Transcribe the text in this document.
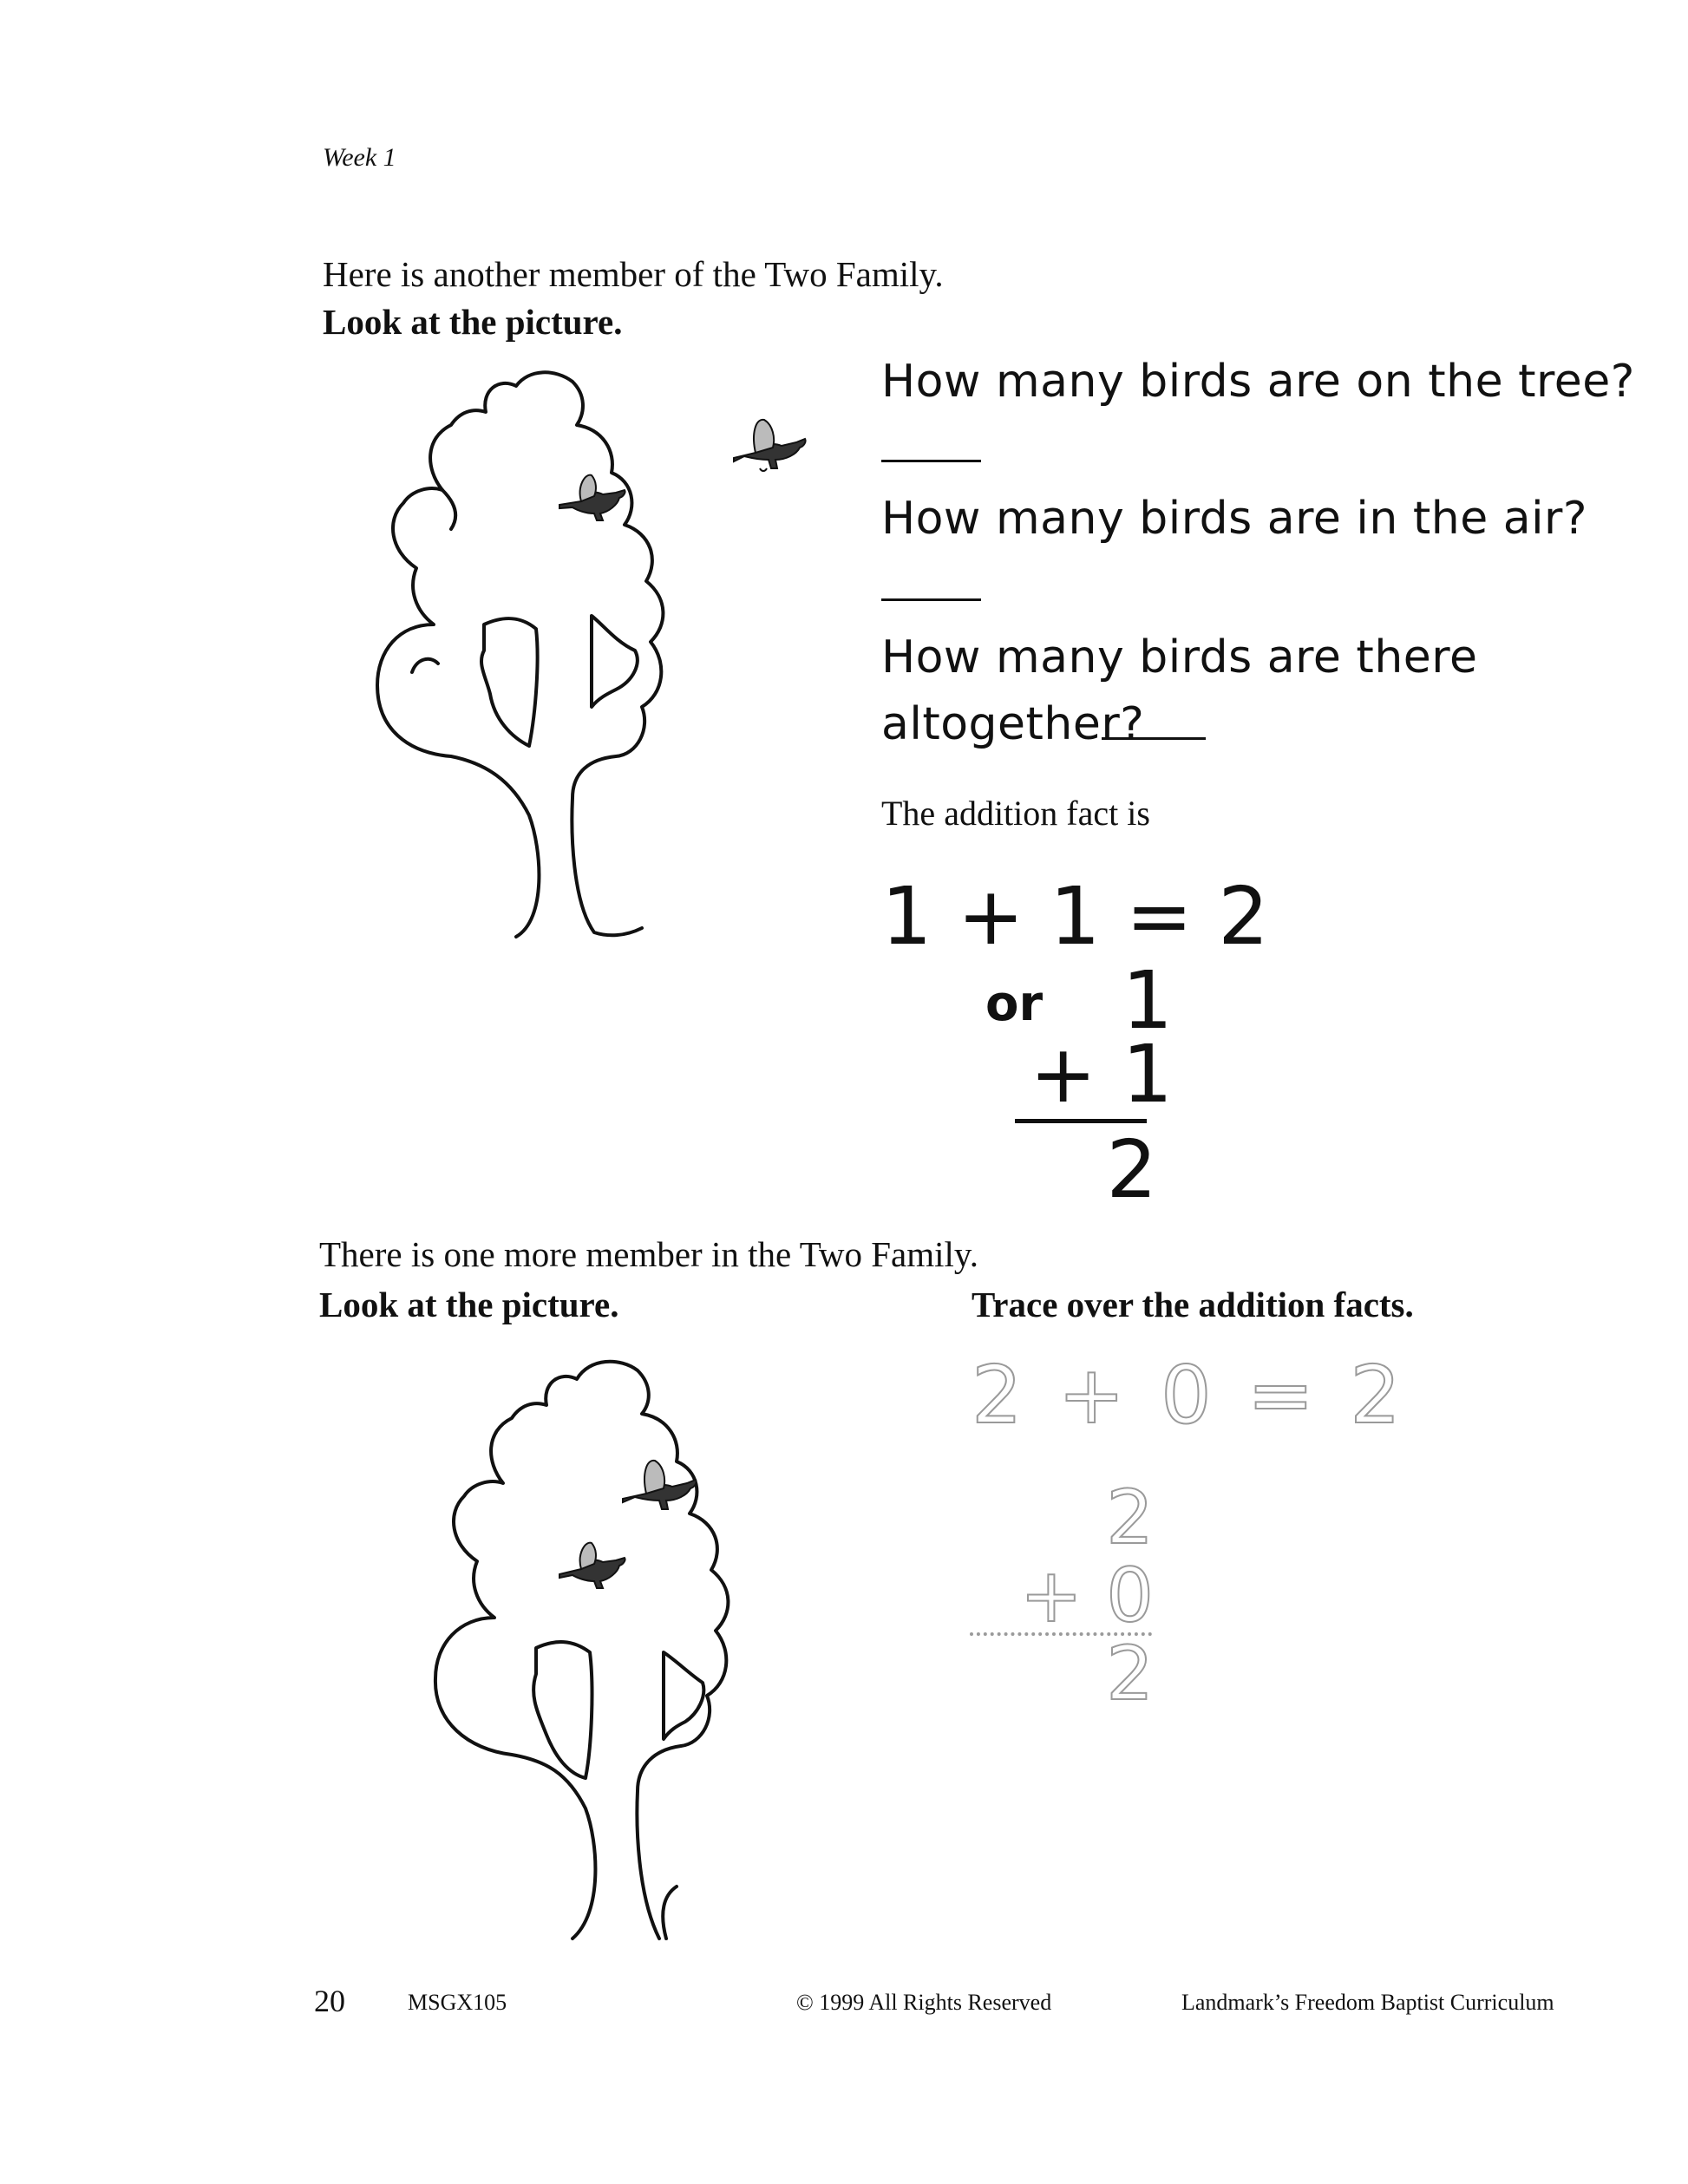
Week 1
Here is another member of the Two Family.
Look at the picture.
How many birds are on the tree?
How many birds are in the air?
How many birds are there
altogether?
The addition fact is
1 + 1 = 2
or 1
+ 1
2
There is one more member in the Two Family.
Look at the picture.	Trace over the addition facts.
2 + 0 = 2
2
+ 0
2
20	MSGX105	© 1999 All Rights Reserved	Landmark’s Freedom Baptist Curriculum
